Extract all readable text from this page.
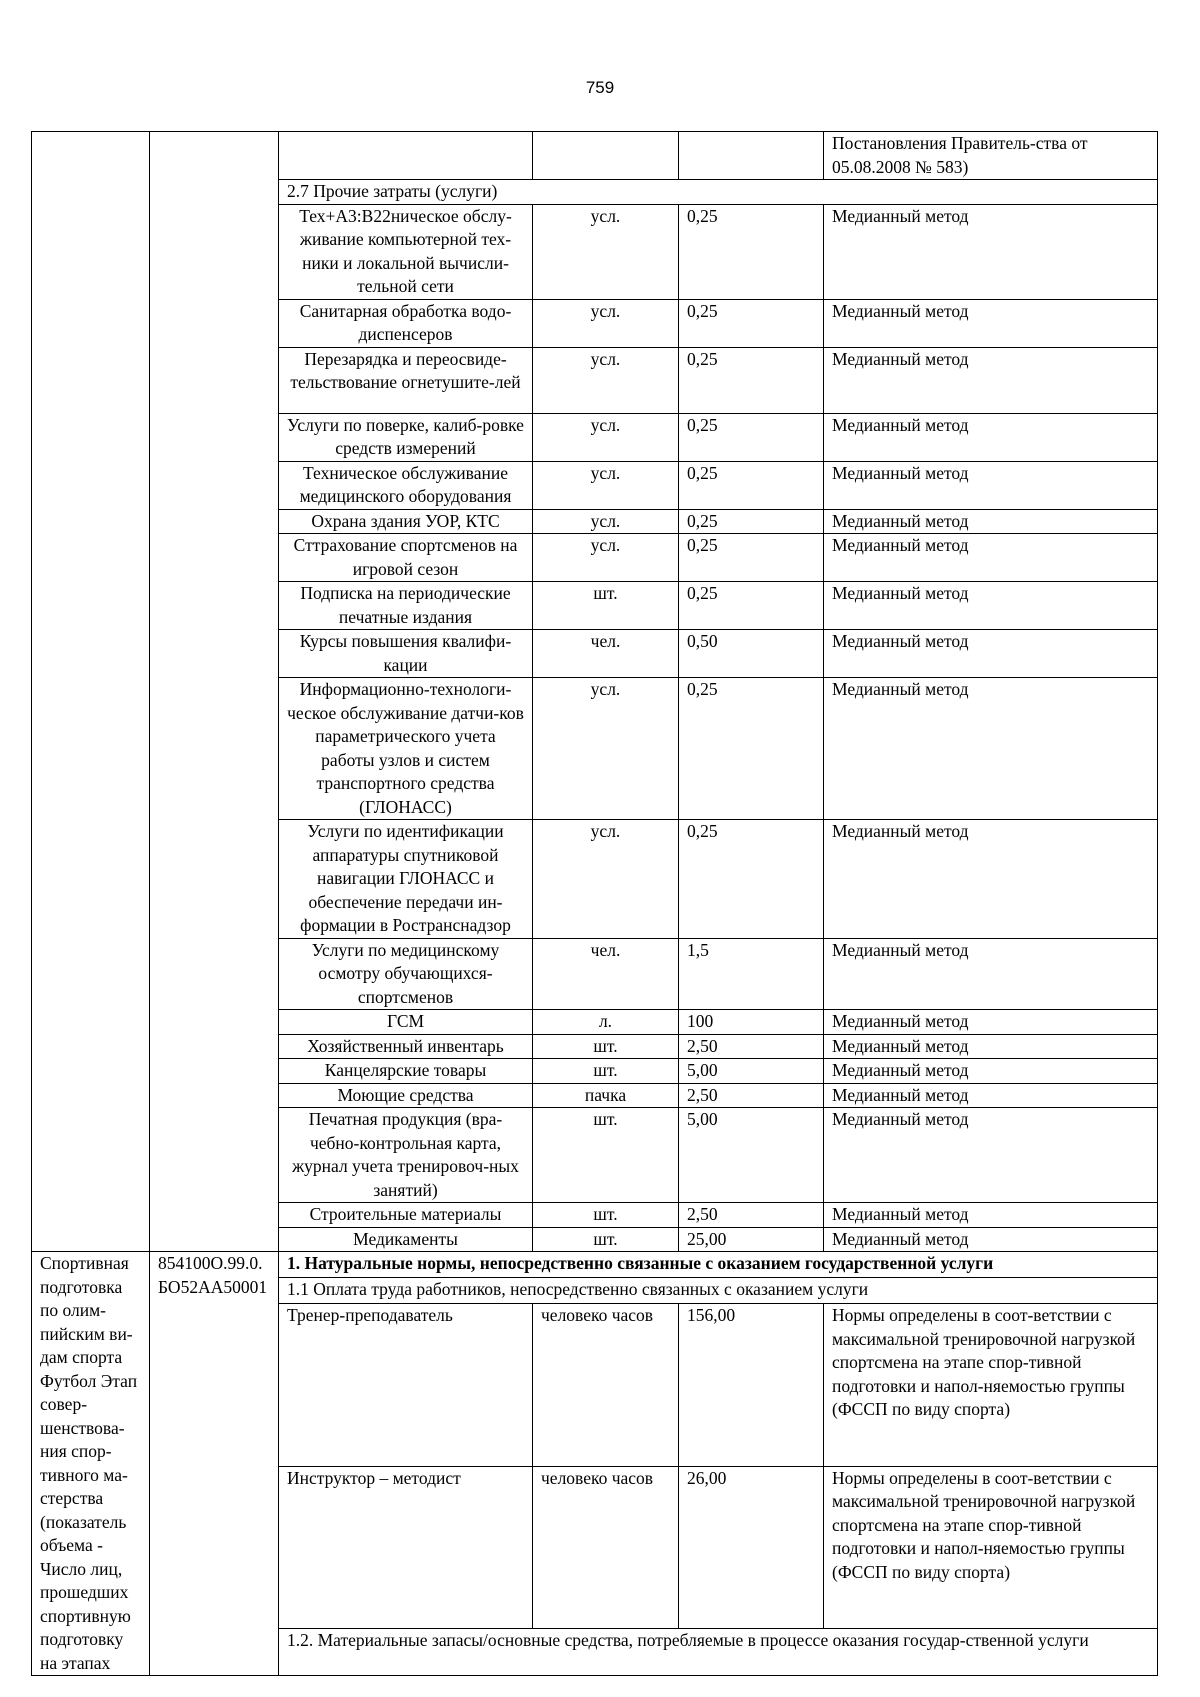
759
					Постановления Правитель-ства от 05.08.2008 № 583)
		2.7 Прочие затраты (услуги)			
		Тех+A3:B22ническое обслу-живание компьютерной тех-ники и локальной вычисли-тельной сети	усл.	0,25	Медианный метод
		Санитарная обработка водо-диспенсеров	усл.	0,25	Медианный метод
		Перезарядка и переосвиде-тельствование огнетушите-лей	усл.	0,25	Медианный метод
		Услуги по поверке, калиб-ровке средств измерений	усл.	0,25	Медианный метод
		Техническое обслуживание медицинского оборудования	усл.	0,25	Медианный метод
		Охрана здания УОР, КТС	усл.	0,25	Медианный метод
		Сттрахование спортсменов на игровой сезон	усл.	0,25	Медианный метод
		Подписка на периодические печатные издания	шт.	0,25	Медианный метод
		Курсы повышения квалифи-кации	чел.	0,50	Медианный метод
		Информационно-технологи-ческое обслуживание датчи-ков параметрического учета работы узлов и систем транспортного средства (ГЛОНАСС)	усл.	0,25	Медианный метод
		Услуги по идентификации аппаратуры спутниковой навигации ГЛОНАСС и обеспечение передачи ин-формации в Ространснадзор	усл.	0,25	Медианный метод
		Услуги по медицинскому осмотру обучающихся-спортсменов	чел.	1,5	Медианный метод
		ГСМ	л.	100	Медианный метод
		Хозяйственный инвентарь	шт.	2,50	Медианный метод
		Канцелярские товары	шт.	5,00	Медианный метод
		Моющие средства	пачка	2,50	Медианный метод
		Печатная продукция (вра-чебно-контрольная карта, журнал учета тренировоч-ных занятий)	шт.	5,00	Медианный метод
		Строительные материалы	шт.	2,50	Медианный метод
		Медикаменты	шт.	25,00	Медианный метод
Спортивная подготовка по олим-пийским ви-дам спорта Футбол Этап совер-шенствова-ния спор-тивного ма-стерства (показатель объема - Число лиц, прошедших спортивную подготовку на этапах	854100О.99.0. БО52АА50001	1. Натуральные нормы, непосредственно связанные с оказанием государственной услуги			
		1.1 Оплата труда работников, непосредственно связанных с оказанием услуги			
		Тренер-преподаватель	человеко часов	156,00	Нормы определены в соот-ветствии с максимальной тренировочной нагрузкой спортсмена на этапе спор-тивной подготовки и напол-няемостью группы (ФССП по виду спорта)
		Инструктор – методист	человеко часов	26,00	Нормы определены в соот-ветствии с максимальной тренировочной нагрузкой спортсмена на этапе спор-тивной подготовки и напол-няемостью группы (ФССП по виду спорта)
		1.2. Материальные запасы/основные средства, потребляемые в процессе оказания государ-ственной услуги			
